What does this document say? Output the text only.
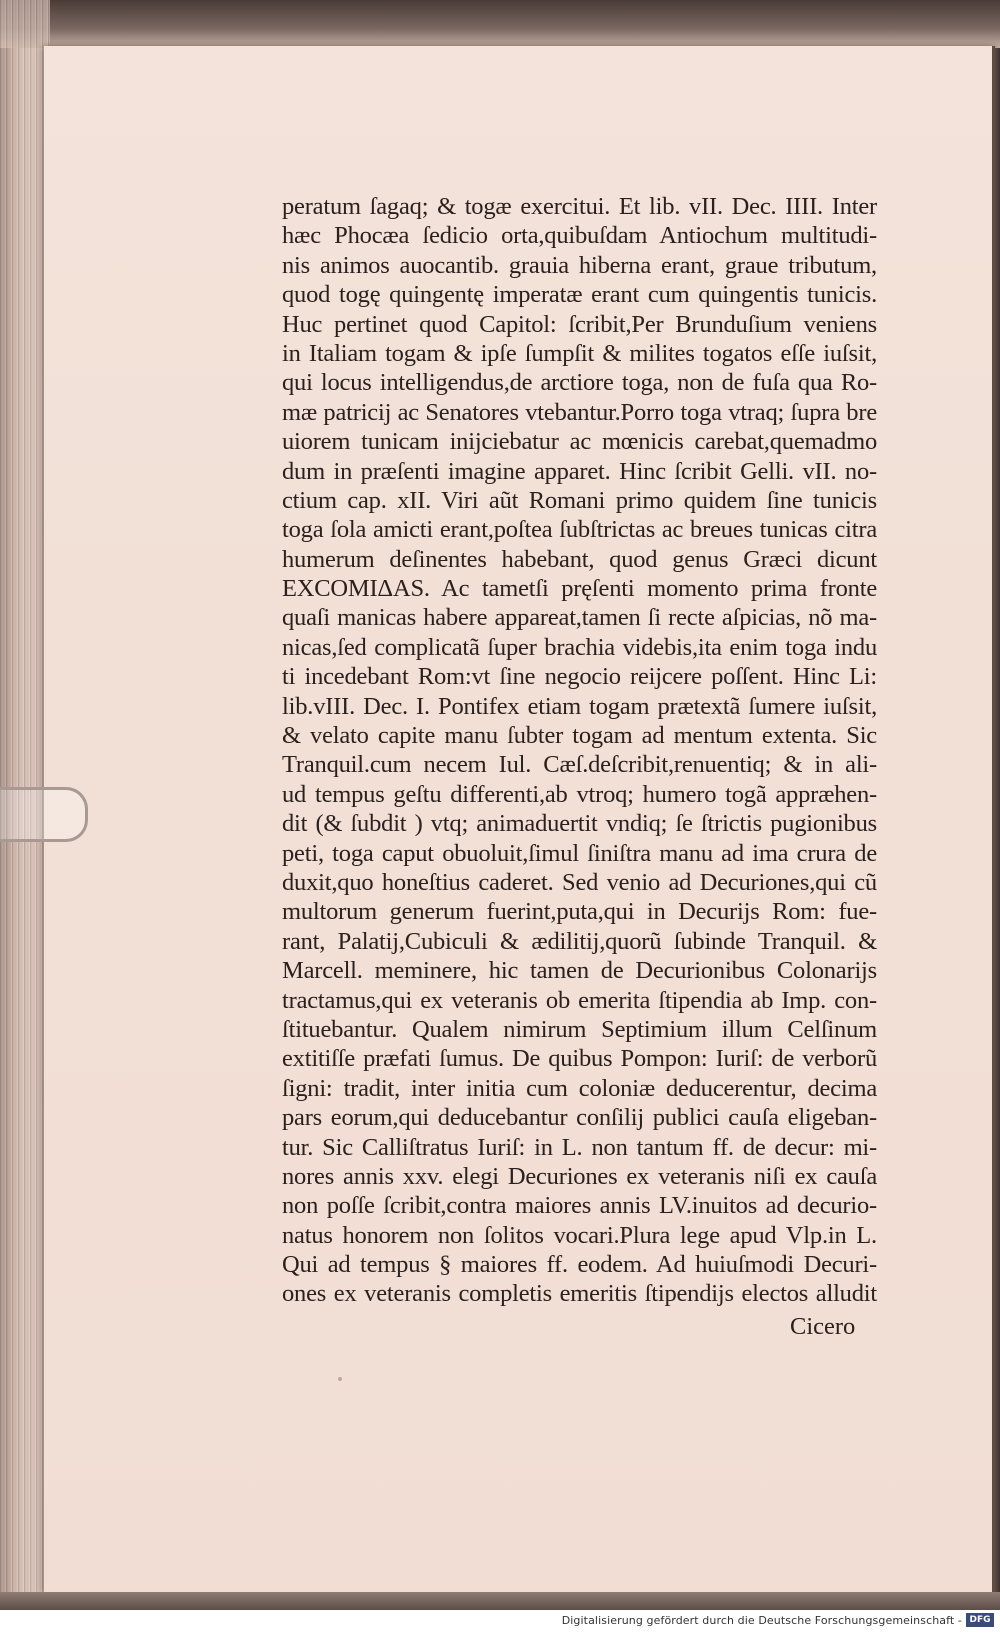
peratum ſagaq; & togæ exercitui. Et lib. vII. Dec. IIII. Inter
hæc Phocæa ſedicio orta,quibuſdam Antiochum multitudi-
nis animos auocantib. grauia hiberna erant, graue tributum,
quod togę quingentę imperatæ erant cum quingentis tunicis.
Huc pertinet quod Capitol: ſcribit,Per Brunduſium veniens
in Italiam togam & ipſe ſumpſit & milites togatos eſſe iuſsit,
qui locus intelligendus,de arctiore toga, non de fuſa qua Ro-
mæ patricij ac Senatores vtebantur.Porro toga vtraq; ſupra bre
uiorem tunicam inijciebatur ac mœnicis carebat,quemadmo
dum in præſenti imagine apparet. Hinc ſcribit Gelli. vII. no-
ctium cap. xII. Viri aũt Romani primo quidem ſine tunicis
toga ſola amicti erant,poſtea ſubſtrictas ac breues tunicas citra
humerum deſinentes habebant, quod genus Græci dicunt
EXCOMIΔAS. Ac tametſi pręſenti momento prima fronte
quaſi manicas habere appareat,tamen ſi recte aſpicias, nõ ma-
nicas,ſed complicatã ſuper brachia videbis,ita enim toga indu
ti incedebant Rom:vt ſine negocio reijcere poſſent. Hinc Li:
lib.vIII. Dec. I. Pontifex etiam togam prætextã ſumere iuſsit,
& velato capite manu ſubter togam ad mentum extenta. Sic
Tranquil.cum necem Iul. Cæſ.deſcribit,renuentiq; & in ali-
ud tempus geſtu differenti,ab vtroq; humero togã appræhen-
dit (& ſubdit ) vtq; animaduertit vndiq; ſe ſtrictis pugionibus
peti, toga caput obuoluit,ſimul ſiniſtra manu ad ima crura de
duxit,quo honeſtius caderet. Sed venio ad Decuriones,qui cũ
multorum generum fuerint,puta,qui in Decurijs Rom: fue-
rant, Palatij,Cubiculi & ædilitij,quorũ ſubinde Tranquil. &
Marcell. meminere, hic tamen de Decurionibus Colonarijs
tractamus,qui ex veteranis ob emerita ſtipendia ab Imp. con-
ſtituebantur. Qualem nimirum Septimium illum Celſinum
extitiſſe præfati ſumus. De quibus Pompon: Iuriſ: de verborũ
ſigni: tradit, inter initia cum coloniæ deducerentur, decima
pars eorum,qui deducebantur conſilij publici cauſa eligeban-
tur. Sic Calliſtratus Iuriſ: in L. non tantum ff. de decur: mi-
nores annis xxv. elegi Decuriones ex veteranis niſi ex cauſa
non poſſe ſcribit,contra maiores annis LV.inuitos ad decurio-
natus honorem non ſolitos vocari.Plura lege apud Vlp.in L.
Qui ad tempus § maiores ff. eodem. Ad huiuſmodi Decuri-
ones ex veteranis completis emeritis ſtipendijs electos alludit
Cicero
Digitalisierung gefördert durch die Deutsche Forschungsgemeinschaft - DFG
